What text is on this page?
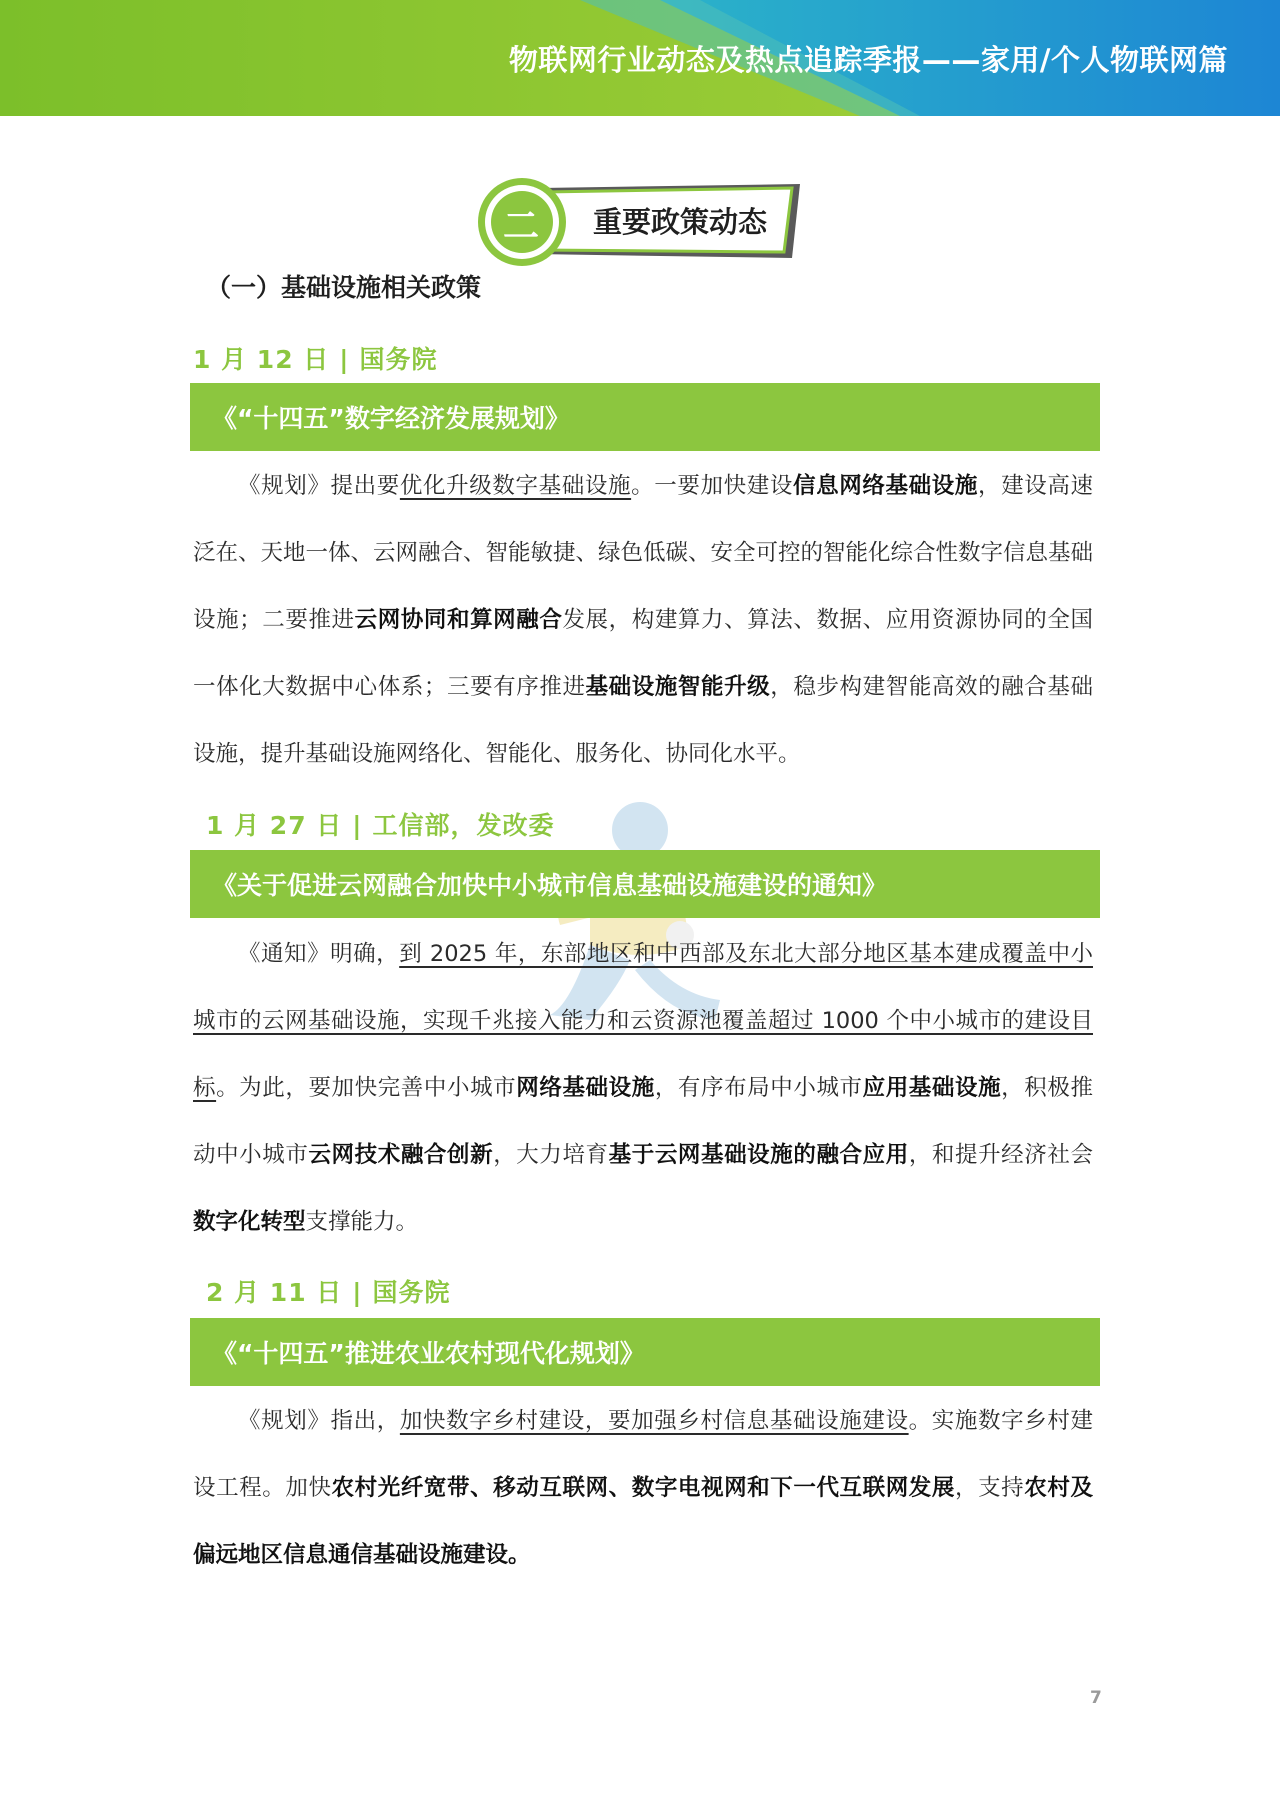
物联网行业动态及热点追踪季报——家用/个人物联网篇
二	重要政策动态
（一）基础设施相关政策
1 月 12 日 | 国务院
《“十四五”数字经济发展规划》
《规划》提出要优化升级数字基础设施。一要加快建设信息网络基础设施，建设高速泛在、天地一体、云网融合、智能敏捷、绿色低碳、安全可控的智能化综合性数字信息基础设施；二要推进云网协同和算网融合发展，构建算力、算法、数据、应用资源协同的全国一体化大数据中心体系；三要有序推进基础设施智能升级，稳步构建智能高效的融合基础设施，提升基础设施网络化、智能化、服务化、协同化水平。
1 月 27 日 | 工信部，发改委
《关于促进云网融合加快中小城市信息基础设施建设的通知》
《通知》明确，到 2025 年，东部地区和中西部及东北大部分地区基本建成覆盖中小城市的云网基础设施，实现千兆接入能力和云资源池覆盖超过 1000 个中小城市的建设目标。为此，要加快完善中小城市网络基础设施，有序布局中小城市应用基础设施，积极推动中小城市云网技术融合创新，大力培育基于云网基础设施的融合应用，和提升经济社会数字化转型支撑能力。
2 月 11 日 | 国务院
《“十四五”推进农业农村现代化规划》
《规划》指出，加快数字乡村建设，要加强乡村信息基础设施建设。实施数字乡村建设工程。加快农村光纤宽带、移动互联网、数字电视网和下一代互联网发展，支持农村及偏远地区信息通信基础设施建设。
7
